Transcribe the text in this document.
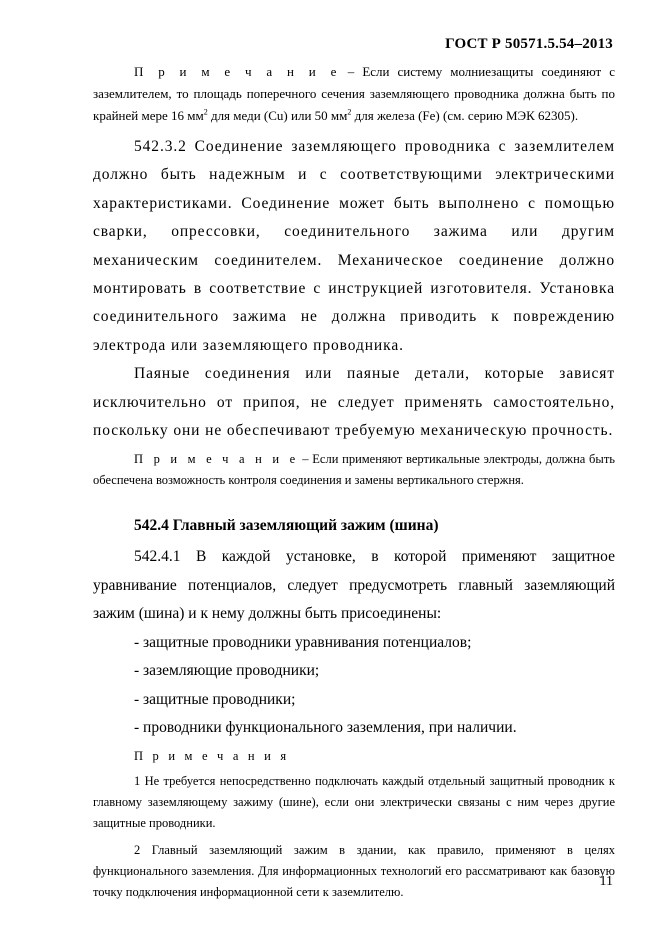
ГОСТ Р 50571.5.54–2013

П р и м е ч а н и е – Если систему молниезащиты соединяют с заземлителем, то площадь поперечного сечения заземляющего проводника должна быть по крайней мере 16 $мм^2$ для меди (Cu) или 50 $мм^2$ для железа (Fe) (см. серию МЭК 62305).

542.3.2 Соединение заземляющего проводника с заземлителем должно быть надежным и с соответствующими электрическими характеристиками. Соединение может быть выполнено с помощью сварки, опрессовки, соединительного зажима или другим механическим соединителем. Механическое соединение должно монтировать в соответствие с инструкцией изготовителя. Установка соединительного зажима не должна приводить к повреждению электрода или заземляющего проводника.

Паяные соединения или паяные детали, которые зависят исключительно от припоя, не следует применять самостоятельно, поскольку они не обеспечивают требуемую механическую прочность.

П р и м е ч а н и е – Если применяют вертикальные электроды, должна быть обеспечена возможность контроля соединения и замены вертикального стержня.

542.4 Главный заземляющий зажим (шина)

542.4.1 В каждой установке, в которой применяют защитное уравнивание потенциалов, следует предусмотреть главный заземляющий зажим (шина) и к нему должны быть присоединены:

- защитные проводники уравнивания потенциалов;

- заземляющие проводники;

- защитные проводники;

- проводники функционального заземления, при наличии.

П р и м е ч а н и я

1 Не требуется непосредственно подключать каждый отдельный защитный проводник к главному заземляющему зажиму (шине), если они электрически связаны с ним через другие защитные проводники.

2 Главный заземляющий зажим в здании, как правило, применяют в целях функционального заземления. Для информационных технологий его рассматривают как базовую точку подключения информационной сети к заземлителю.

11
